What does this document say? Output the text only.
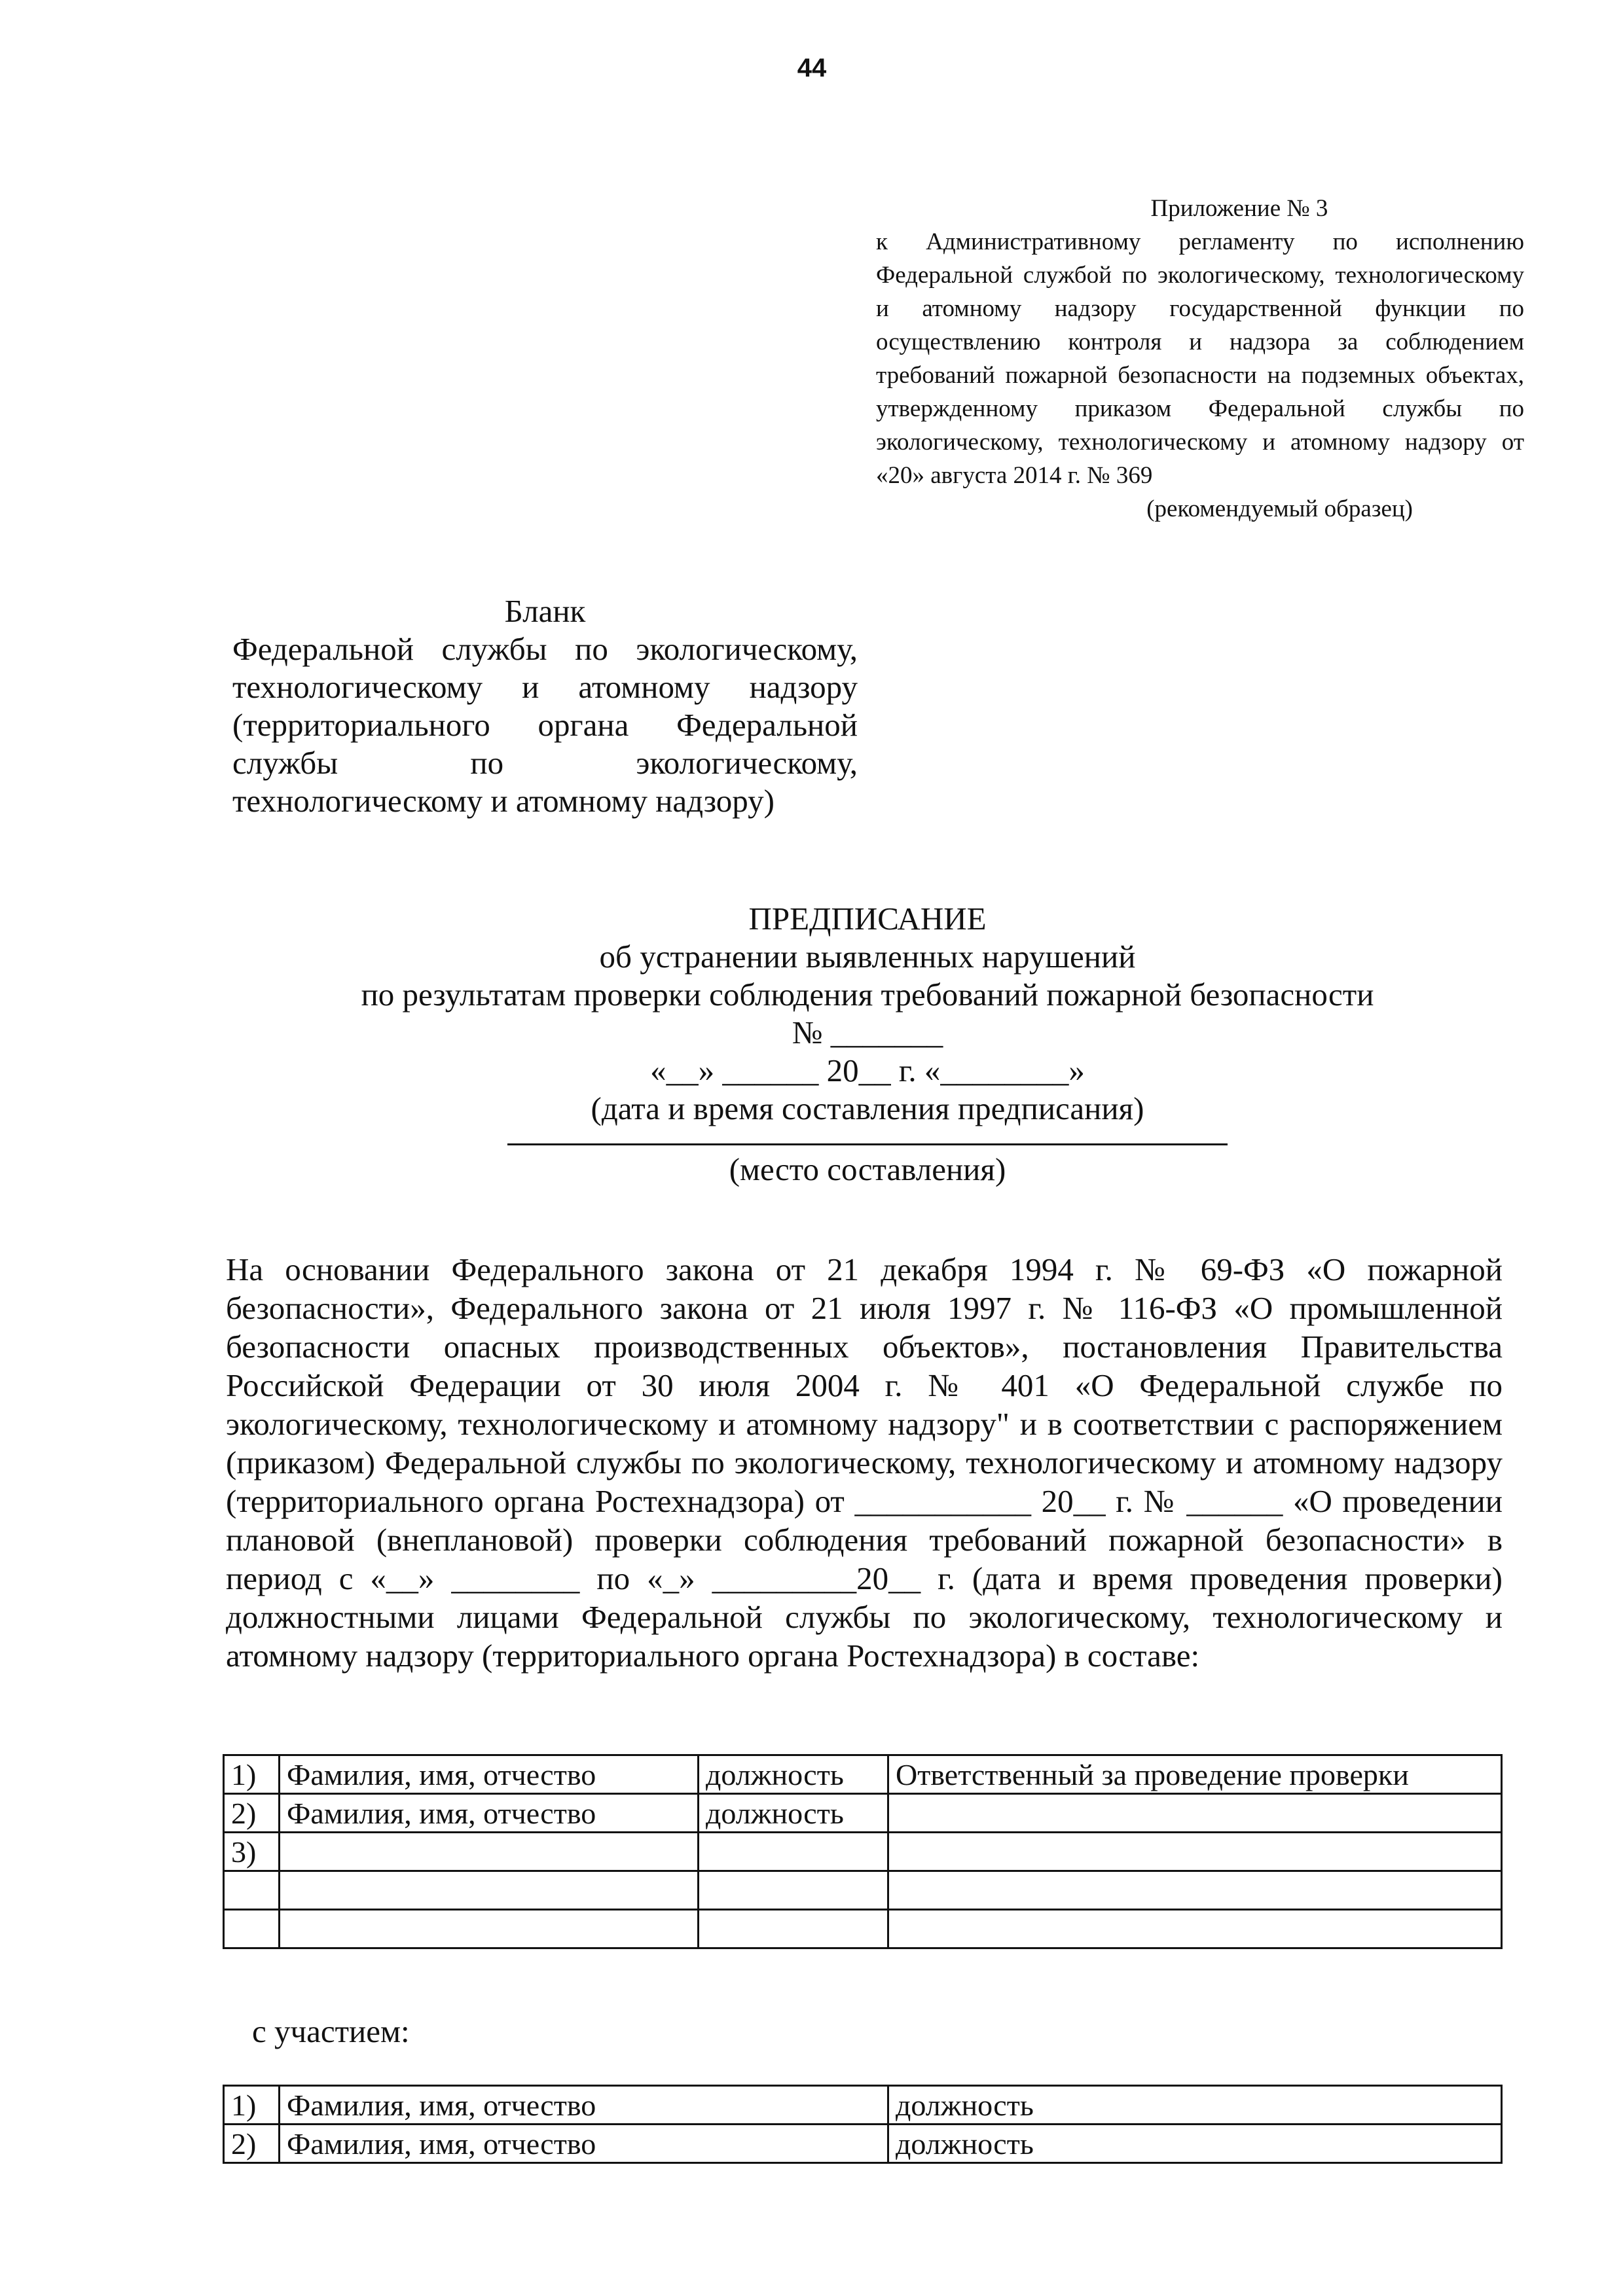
44
Приложение № 3
к Административному регламенту по исполнению Федеральной службой по экологическому, технологическому и атомному надзору государственной функции по осуществлению контроля и надзора за соблюдением требований пожарной безопасности на подземных объектах, утвержденному приказом Федеральной службы по экологическому, технологическому и атомному надзору от «20» августа 2014 г. № 369
(рекомендуемый образец)
Бланк
Федеральной службы по экологическому, технологическому и атомному надзору (территориального органа Федеральной службы по экологическому, технологическому и атомному надзору)
ПРЕДПИСАНИЕ
об устранении выявленных нарушений
по результатам проверки соблюдения требований пожарной безопасности
№ _______
«__» ______ 20__ г. «________»
(дата и время составления предписания)
(место составления)
На основании Федерального закона от 21 декабря 1994 г. № 69-ФЗ «О пожарной безопасности», Федерального закона от 21 июля 1997 г. № 116-ФЗ «О промышленной безопасности опасных производственных объектов», постановления Правительства Российской Федерации от 30 июля 2004 г. № 401 «О Федеральной службе по экологическому, технологическому и атомному надзору" и в соответствии с распоряжением (приказом) Федеральной службы по экологическому, технологическому и атомному надзору (территориального органа Ростехнадзора) от ___________ 20__ г. № ______ «О проведении плановой (внеплановой) проверки соблюдения требований пожарной безопасности» в период с «__» ________ по «_» _________20__ г. (дата и время проведения проверки) должностными лицами Федеральной службы по экологическому, технологическому и атомному надзору (территориального органа Ростехнадзора) в составе:
1)	Фамилия, имя, отчество	должность	Ответственный за проведение проверки
2)	Фамилия, имя, отчество	должность	
3)			

с участием:
1)	Фамилия, имя, отчество	должность
2)	Фамилия, имя, отчество	должность
